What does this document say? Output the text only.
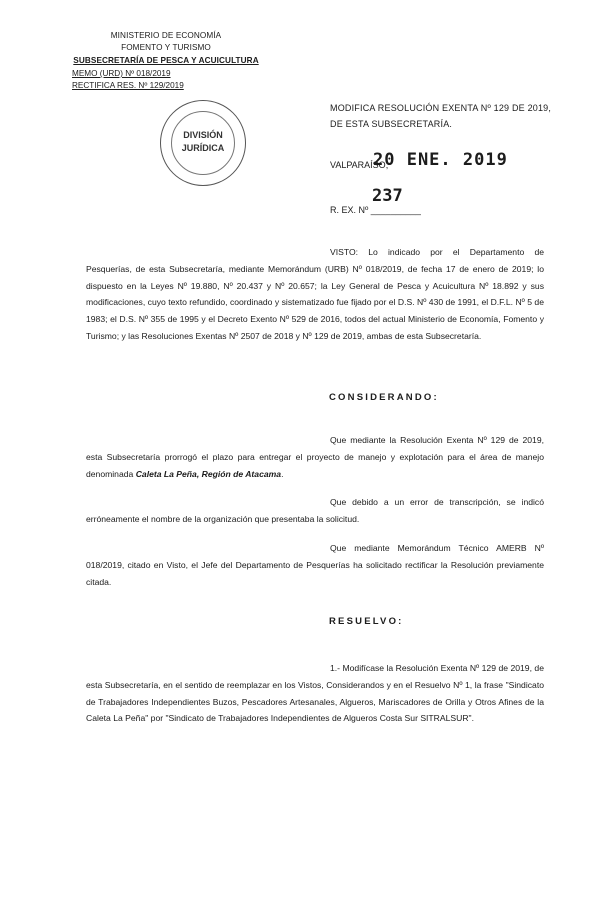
MINISTERIO DE ECONOMÍA
FOMENTO Y TURISMO
SUBSECRETARÍA DE PESCA Y ACUICULTURA
MEMO (URD) Nº 018/2019
RECTIFICA RES. Nº 129/2019
DIVISIÓN
JURÍDICA
MODIFICA RESOLUCIÓN EXENTA Nº 129 DE 2019,
DE ESTA SUBSECRETARÍA.
VALPARAÍSO,
20 ENE. 2019
237
R. EX. Nº __________
VISTO: Lo indicado por el Departamento de Pesquerías, de esta Subsecretaría, mediante Memorándum (URB) Nº 018/2019, de fecha 17 de enero de 2019; lo dispuesto en la Leyes Nº 19.880, Nº 20.437 y Nº 20.657; la Ley General de Pesca y Acuicultura Nº 18.892 y sus modificaciones, cuyo texto refundido, coordinado y sistematizado fue fijado por el D.S. Nº 430 de 1991, el D.F.L. Nº 5 de 1983; el D.S. Nº 355 de 1995 y el Decreto Exento Nº 529 de 2016, todos del actual Ministerio de Economía, Fomento y Turismo; y las Resoluciones Exentas Nº 2507 de 2018 y Nº 129 de 2019, ambas de esta Subsecretaría.
CONSIDERANDO:
Que mediante la Resolución Exenta Nº 129 de 2019, esta Subsecretaría prorrogó el plazo para entregar el proyecto de manejo y explotación para el área de manejo denominada Caleta La Peña, Región de Atacama.
Que debido a un error de transcripción, se indicó erróneamente el nombre de la organización que presentaba la solicitud.
Que mediante Memorándum Técnico AMERB Nº 018/2019, citado en Visto, el Jefe del Departamento de Pesquerías ha solicitado rectificar la Resolución previamente citada.
RESUELVO:
1.- Modifícase la Resolución Exenta Nº 129 de 2019, de esta Subsecretaría, en el sentido de reemplazar en los Vistos, Considerandos y en el Resuelvo Nº 1, la frase "Sindicato de Trabajadores Independientes Buzos, Pescadores Artesanales, Algueros, Mariscadores de Orilla y Otros Afines de la Caleta La Peña" por "Sindicato de Trabajadores Independientes de Algueros Costa Sur SITRALSUR".
